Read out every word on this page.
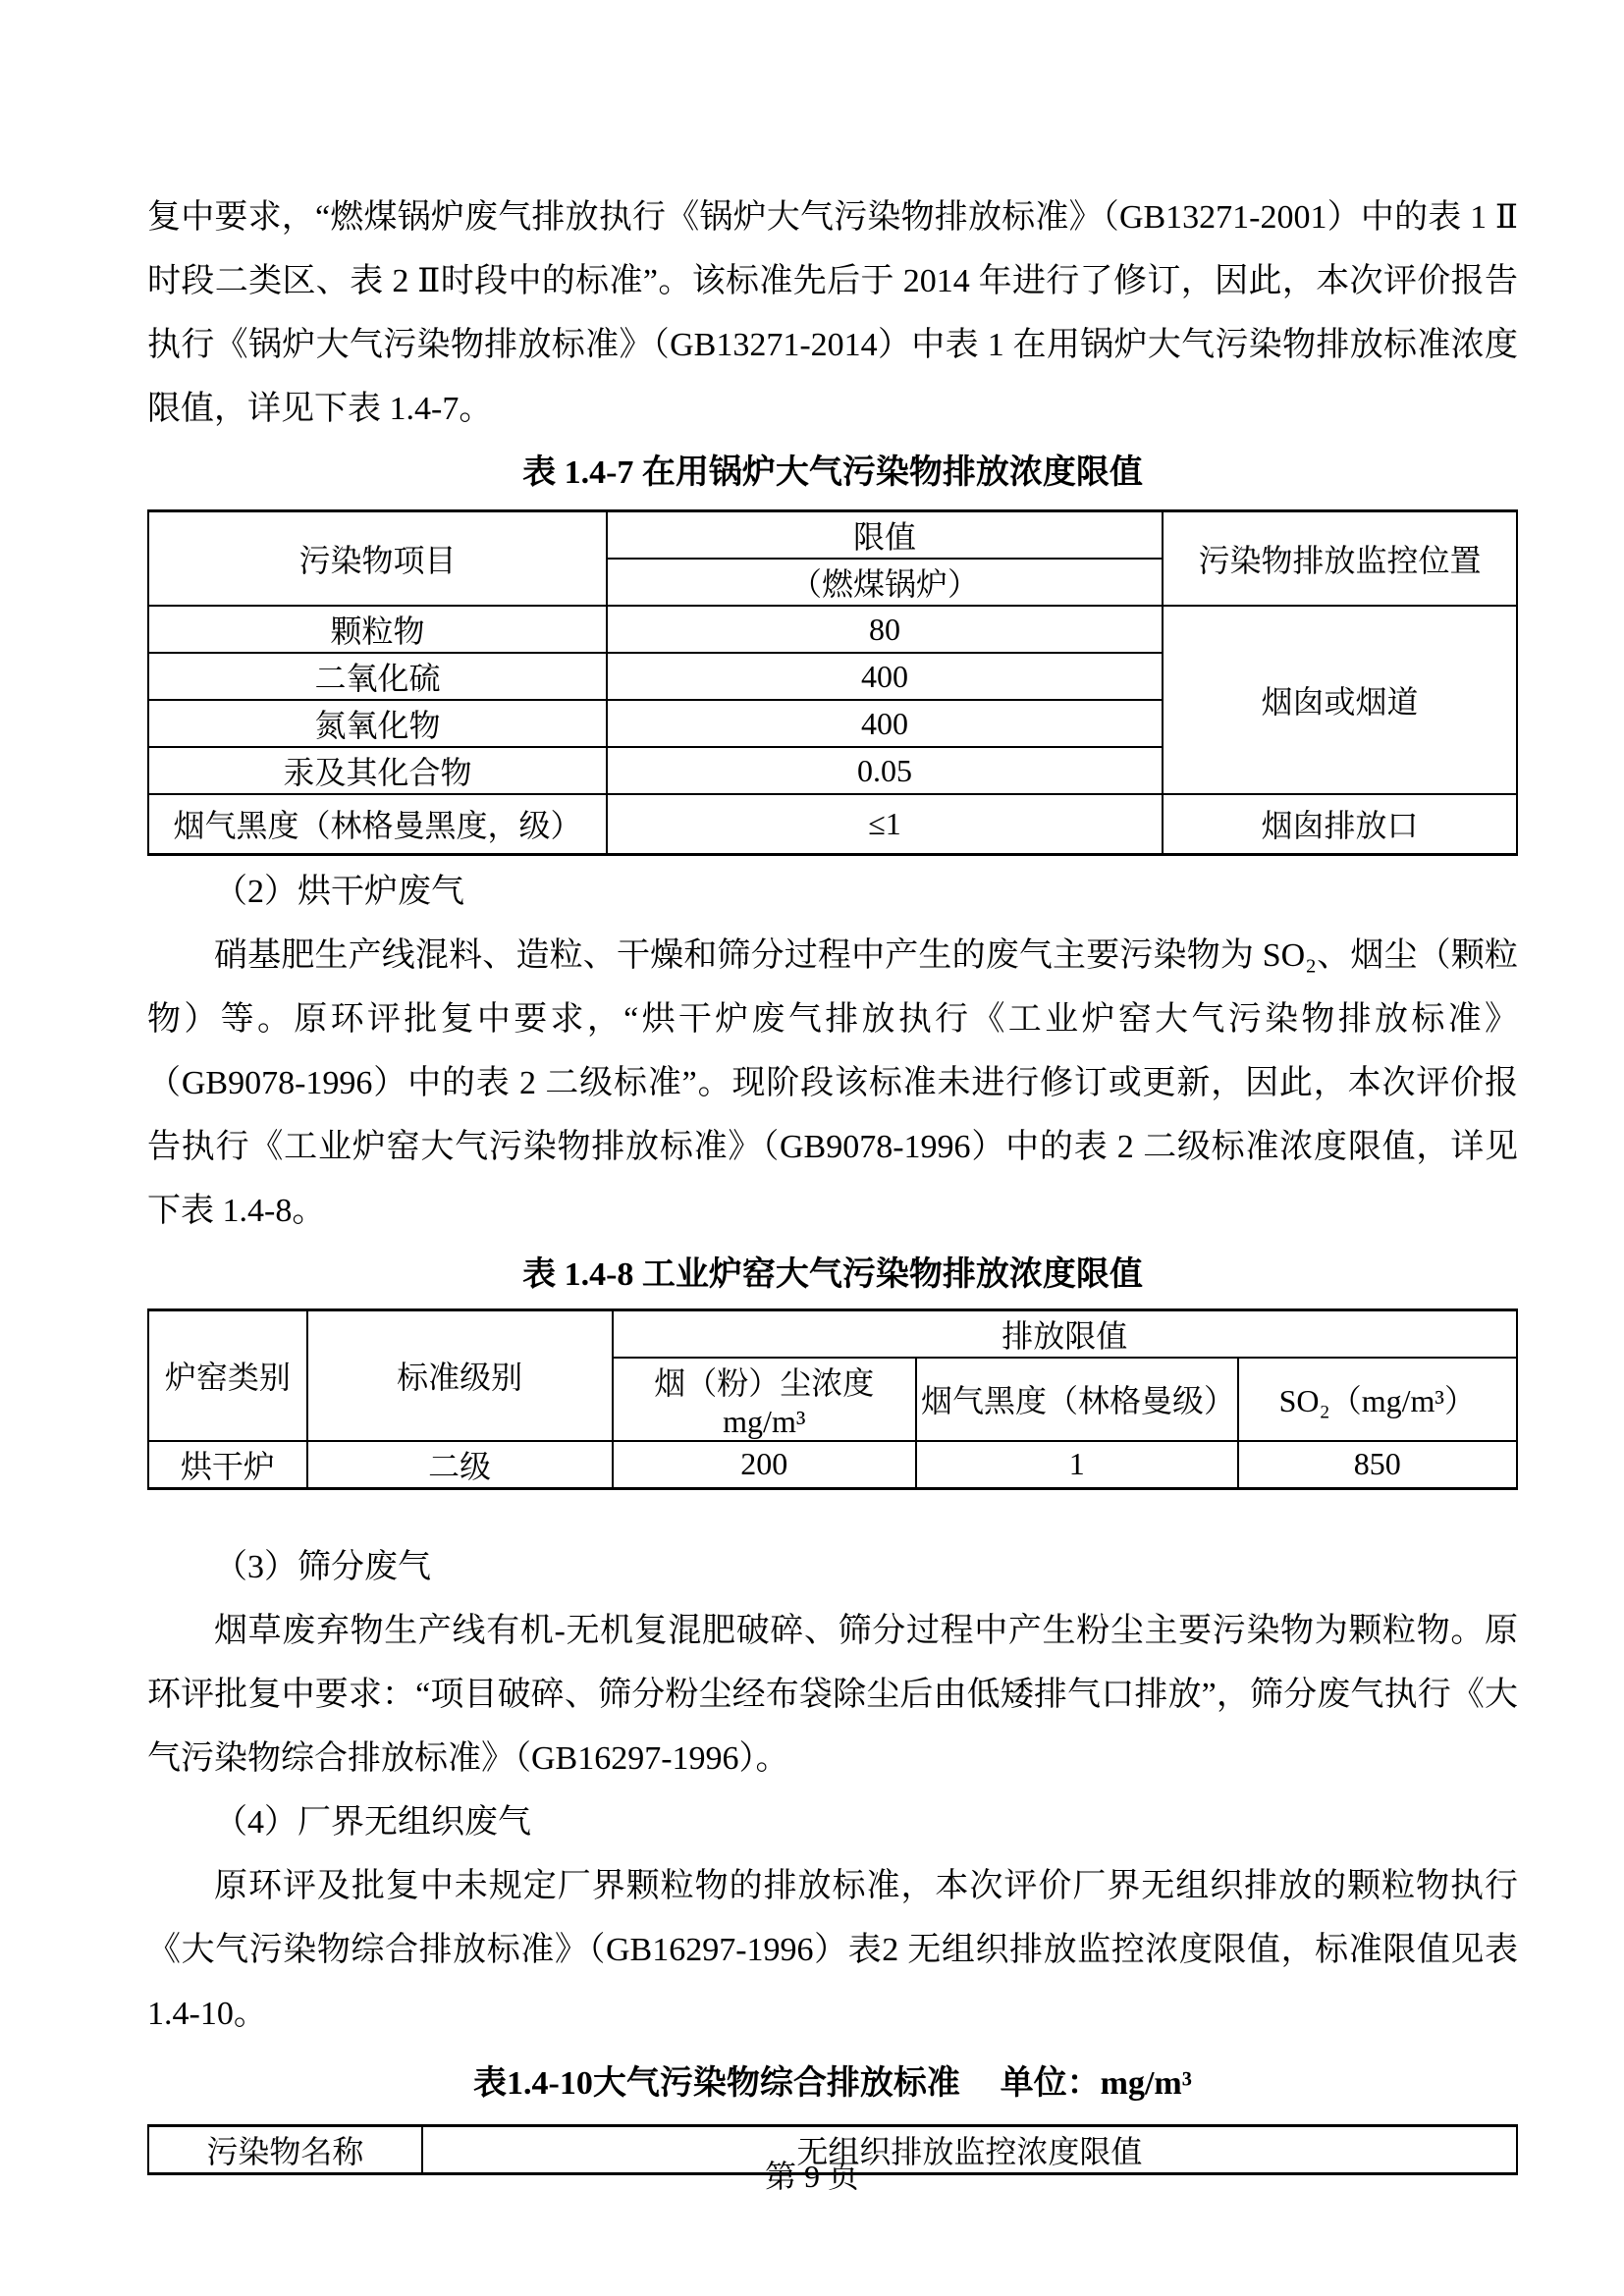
复中要求，“燃煤锅炉废气排放执行《锅炉大气污染物排放标准》（GB13271-2001）中的表 1 Ⅱ时段二类区、表 2 Ⅱ时段中的标准”。该标准先后于 2014 年进行了修订，因此，本次评价报告执行《锅炉大气污染物排放标准》（GB13271-2014）中表 1 在用锅炉大气污染物排放标准浓度限值，详见下表 1.4-7。

表 1.4-7 在用锅炉大气污染物排放浓度限值
污染物项目	限值	污染物排放监控位置
	（燃煤锅炉）	
颗粒物	80	烟囱或烟道
二氧化硫	400	
氮氧化物	400	
汞及其化合物	0.05	
烟气黑度（林格曼黑度，级）	≤1	烟囱排放口

（2）烘干炉废气

硝基肥生产线混料、造粒、干燥和筛分过程中产生的废气主要污染物为 SO₂、烟尘（颗粒物）等。原环评批复中要求，“烘干炉废气排放执行《工业炉窑大气污染物排放标准》（GB9078-1996）中的表 2 二级标准”。现阶段该标准未进行修订或更新，因此，本次评价报告执行《工业炉窑大气污染物排放标准》（GB9078-1996）中的表 2 二级标准浓度限值，详见下表 1.4-8。

表 1.4-8 工业炉窑大气污染物排放浓度限值
炉窑类别	标准级别	排放限值		
		烟（粉）尘浓度 mg/m³	烟气黑度（林格曼级）	SO₂（mg/m³）
烘干炉	二级	200	1	850

（3）筛分废气

烟草废弃物生产线有机-无机复混肥破碎、筛分过程中产生粉尘主要污染物为颗粒物。原环评批复中要求：“项目破碎、筛分粉尘经布袋除尘后由低矮排气口排放”，筛分废气执行《大气污染物综合排放标准》（GB16297-1996）。

（4）厂界无组织废气

原环评及批复中未规定厂界颗粒物的排放标准，本次评价厂界无组织排放的颗粒物执行《大气污染物综合排放标准》（GB16297-1996）表2 无组织排放监控浓度限值，标准限值见表1.4-10。

表1.4-10大气污染物综合排放标准 单位：mg/m³
污染物名称	无组织排放监控浓度限值
第 9 页
